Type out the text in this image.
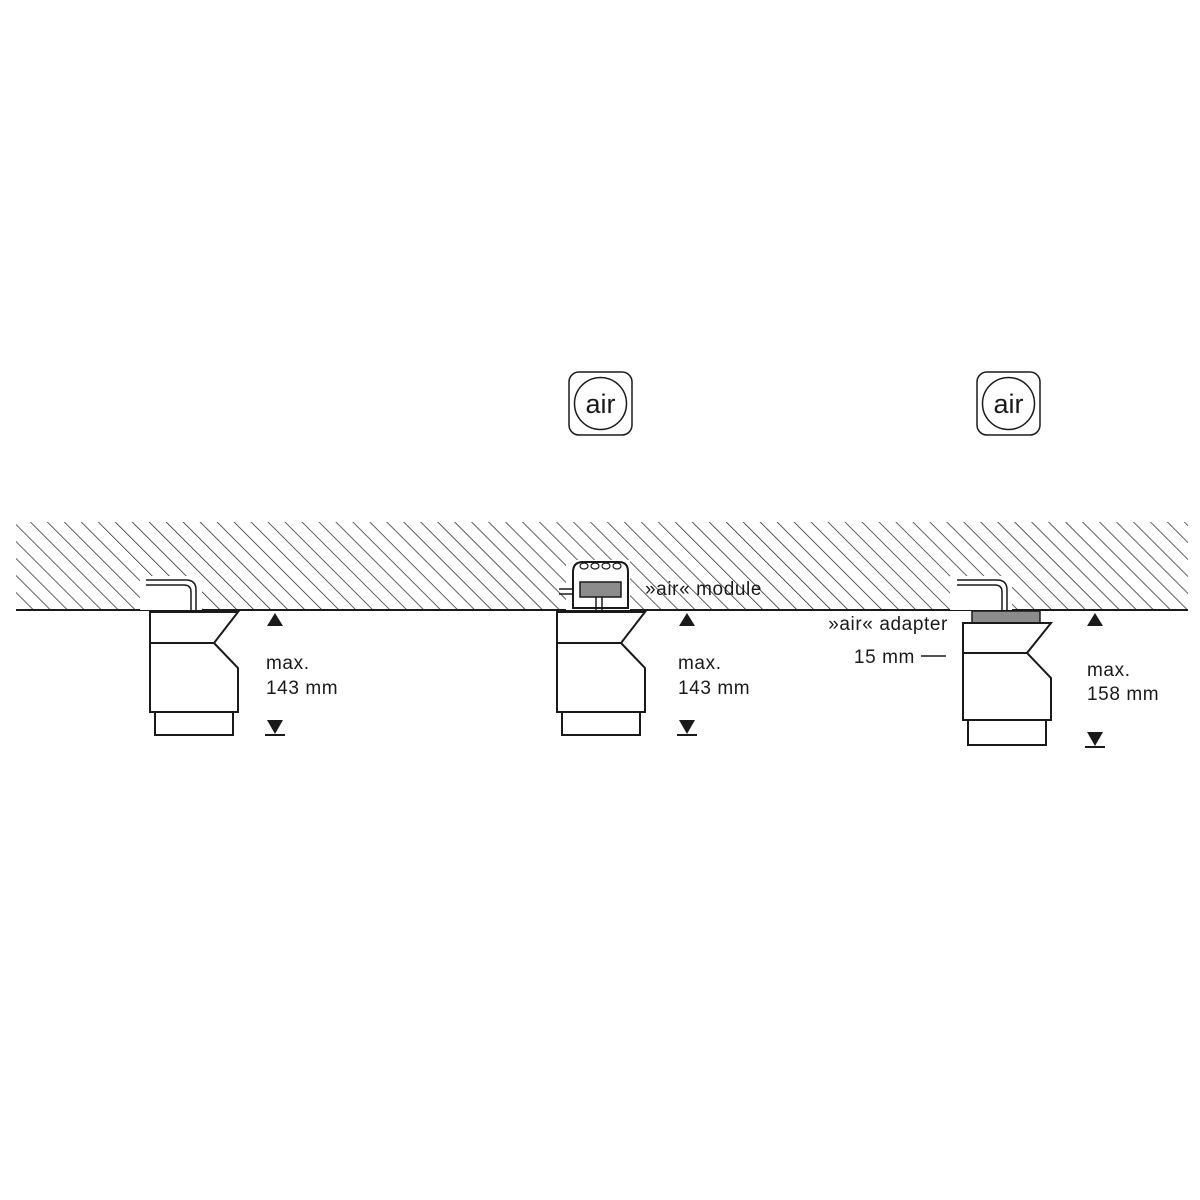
air	air
max.
143 mm
»air« module
max.
143 mm
»air« adapter
15 mm
max.
158 mm
